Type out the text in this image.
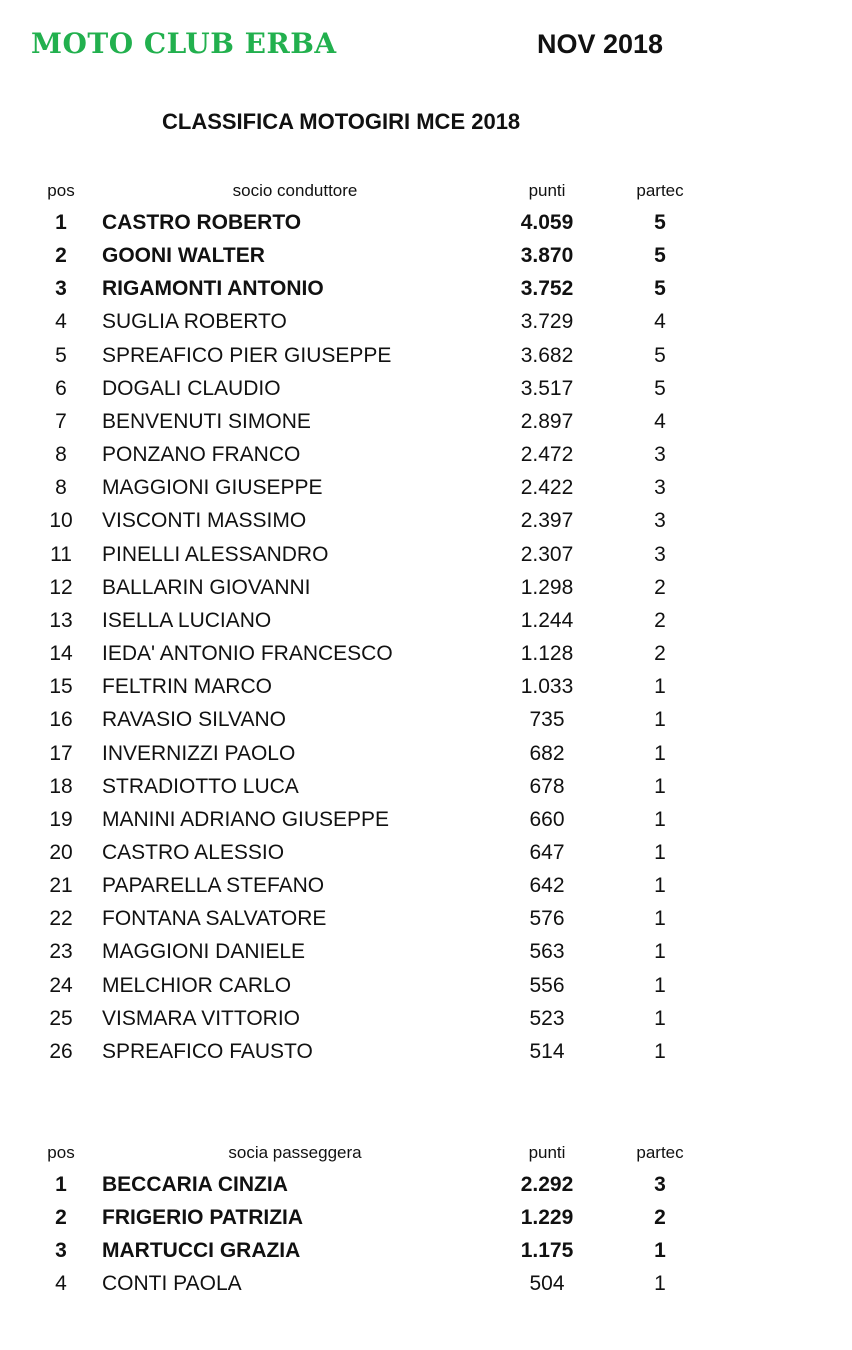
MOTO CLUB ERBA	NOV 2018
CLASSIFICA MOTOGIRI MCE 2018
pos	socio conduttore	punti	partec
1	CASTRO ROBERTO	4.059	5
2	GOONI WALTER	3.870	5
3	RIGAMONTI ANTONIO	3.752	5
4	SUGLIA ROBERTO	3.729	4
5	SPREAFICO PIER GIUSEPPE	3.682	5
6	DOGALI CLAUDIO	3.517	5
7	BENVENUTI SIMONE	2.897	4
8	PONZANO FRANCO	2.472	3
8	MAGGIONI GIUSEPPE	2.422	3
10	VISCONTI MASSIMO	2.397	3
11	PINELLI ALESSANDRO	2.307	3
12	BALLARIN GIOVANNI	1.298	2
13	ISELLA LUCIANO	1.244	2
14	IEDA' ANTONIO FRANCESCO	1.128	2
15	FELTRIN MARCO	1.033	1
16	RAVASIO SILVANO	735	1
17	INVERNIZZI PAOLO	682	1
18	STRADIOTTO LUCA	678	1
19	MANINI ADRIANO GIUSEPPE	660	1
20	CASTRO ALESSIO	647	1
21	PAPARELLA STEFANO	642	1
22	FONTANA SALVATORE	576	1
23	MAGGIONI DANIELE	563	1
24	MELCHIOR CARLO	556	1
25	VISMARA VITTORIO	523	1
26	SPREAFICO FAUSTO	514	1
pos	socia passeggera	punti	partec
1	BECCARIA CINZIA	2.292	3
2	FRIGERIO PATRIZIA	1.229	2
3	MARTUCCI GRAZIA	1.175	1
4	CONTI PAOLA	504	1
